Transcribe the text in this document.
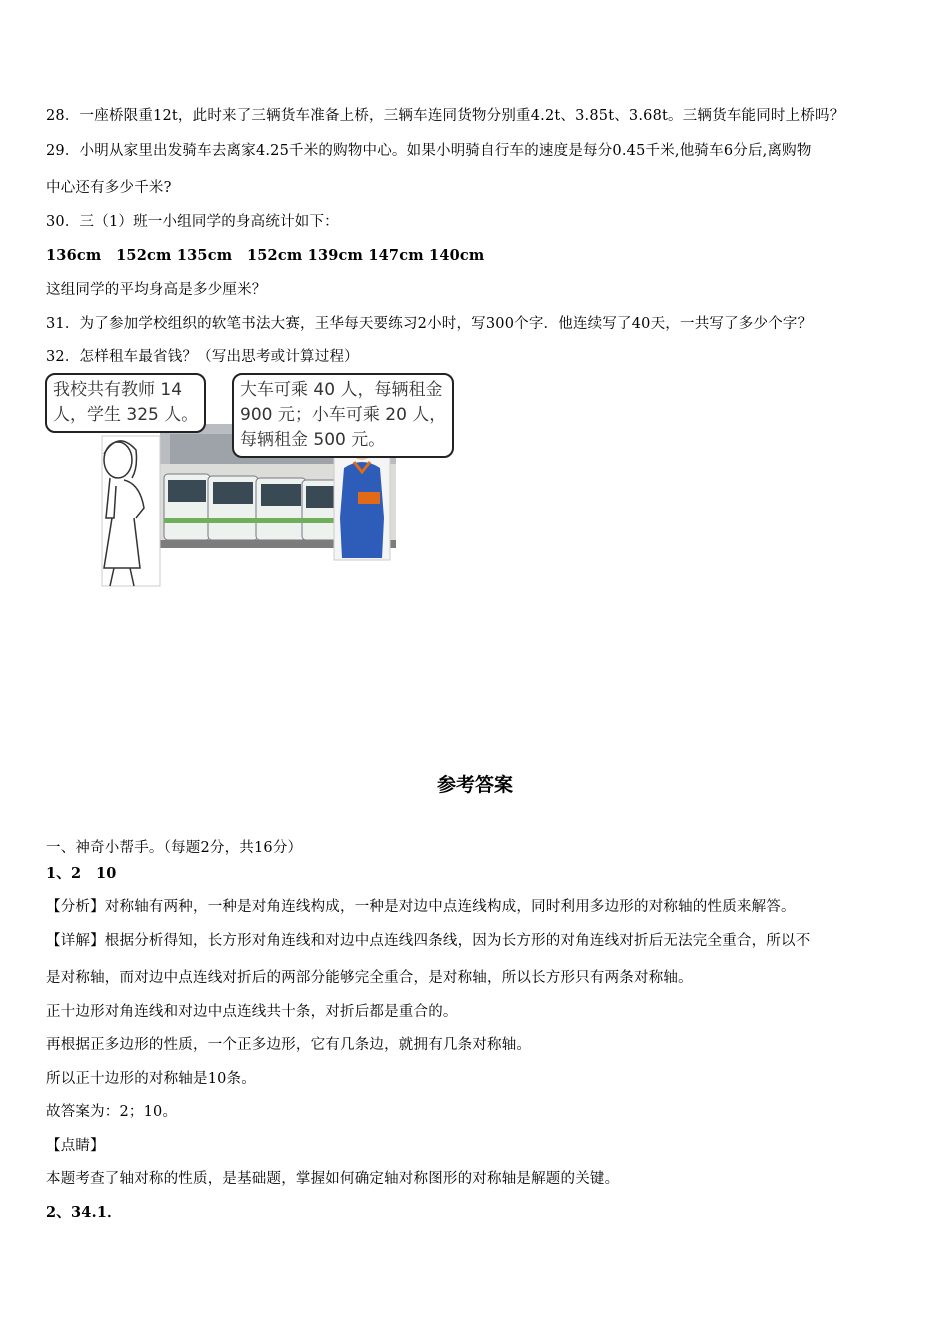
28．一座桥限重12t，此时来了三辆货车准备上桥，三辆车连同货物分别重4.2t、3.85t、3.68t。三辆货车能同时上桥吗？
29．小明从家里出发骑车去离家4.25千米的购物中心。如果小明骑自行车的速度是每分0.45千米,他骑车6分后,离购物
中心还有多少千米?
30．三（1）班一小组同学的身高统计如下：
136cm　152cm 135cm　152cm 139cm 147cm 140cm
这组同学的平均身高是多少厘米？
31．为了参加学校组织的软笔书法大赛，王华每天要练习2小时，写300个字．他连续写了40天，一共写了多少个字？
32．怎样租车最省钱？（写出思考或计算过程）
我校共有教师 14
人，学生 325 人。
大车可乘 40 人，每辆租金
900 元；小车可乘 20 人，
每辆租金 500 元。
参考答案
一、神奇小帮手。（每题2分，共16分）
1、2　10
【分析】对称轴有两种，一种是对角连线构成，一种是对边中点连线构成，同时利用多边形的对称轴的性质来解答。
【详解】根据分析得知，长方形对角连线和对边中点连线四条线，因为长方形的对角连线对折后无法完全重合，所以不
是对称轴，而对边中点连线对折后的两部分能够完全重合，是对称轴，所以长方形只有两条对称轴。
正十边形对角连线和对边中点连线共十条，对折后都是重合的。
再根据正多边形的性质，一个正多边形，它有几条边，就拥有几条对称轴。
所以正十边形的对称轴是10条。
故答案为：2；10。
【点睛】
本题考查了轴对称的性质，是基础题，掌握如何确定轴对称图形的对称轴是解题的关键。
2、34.1．
